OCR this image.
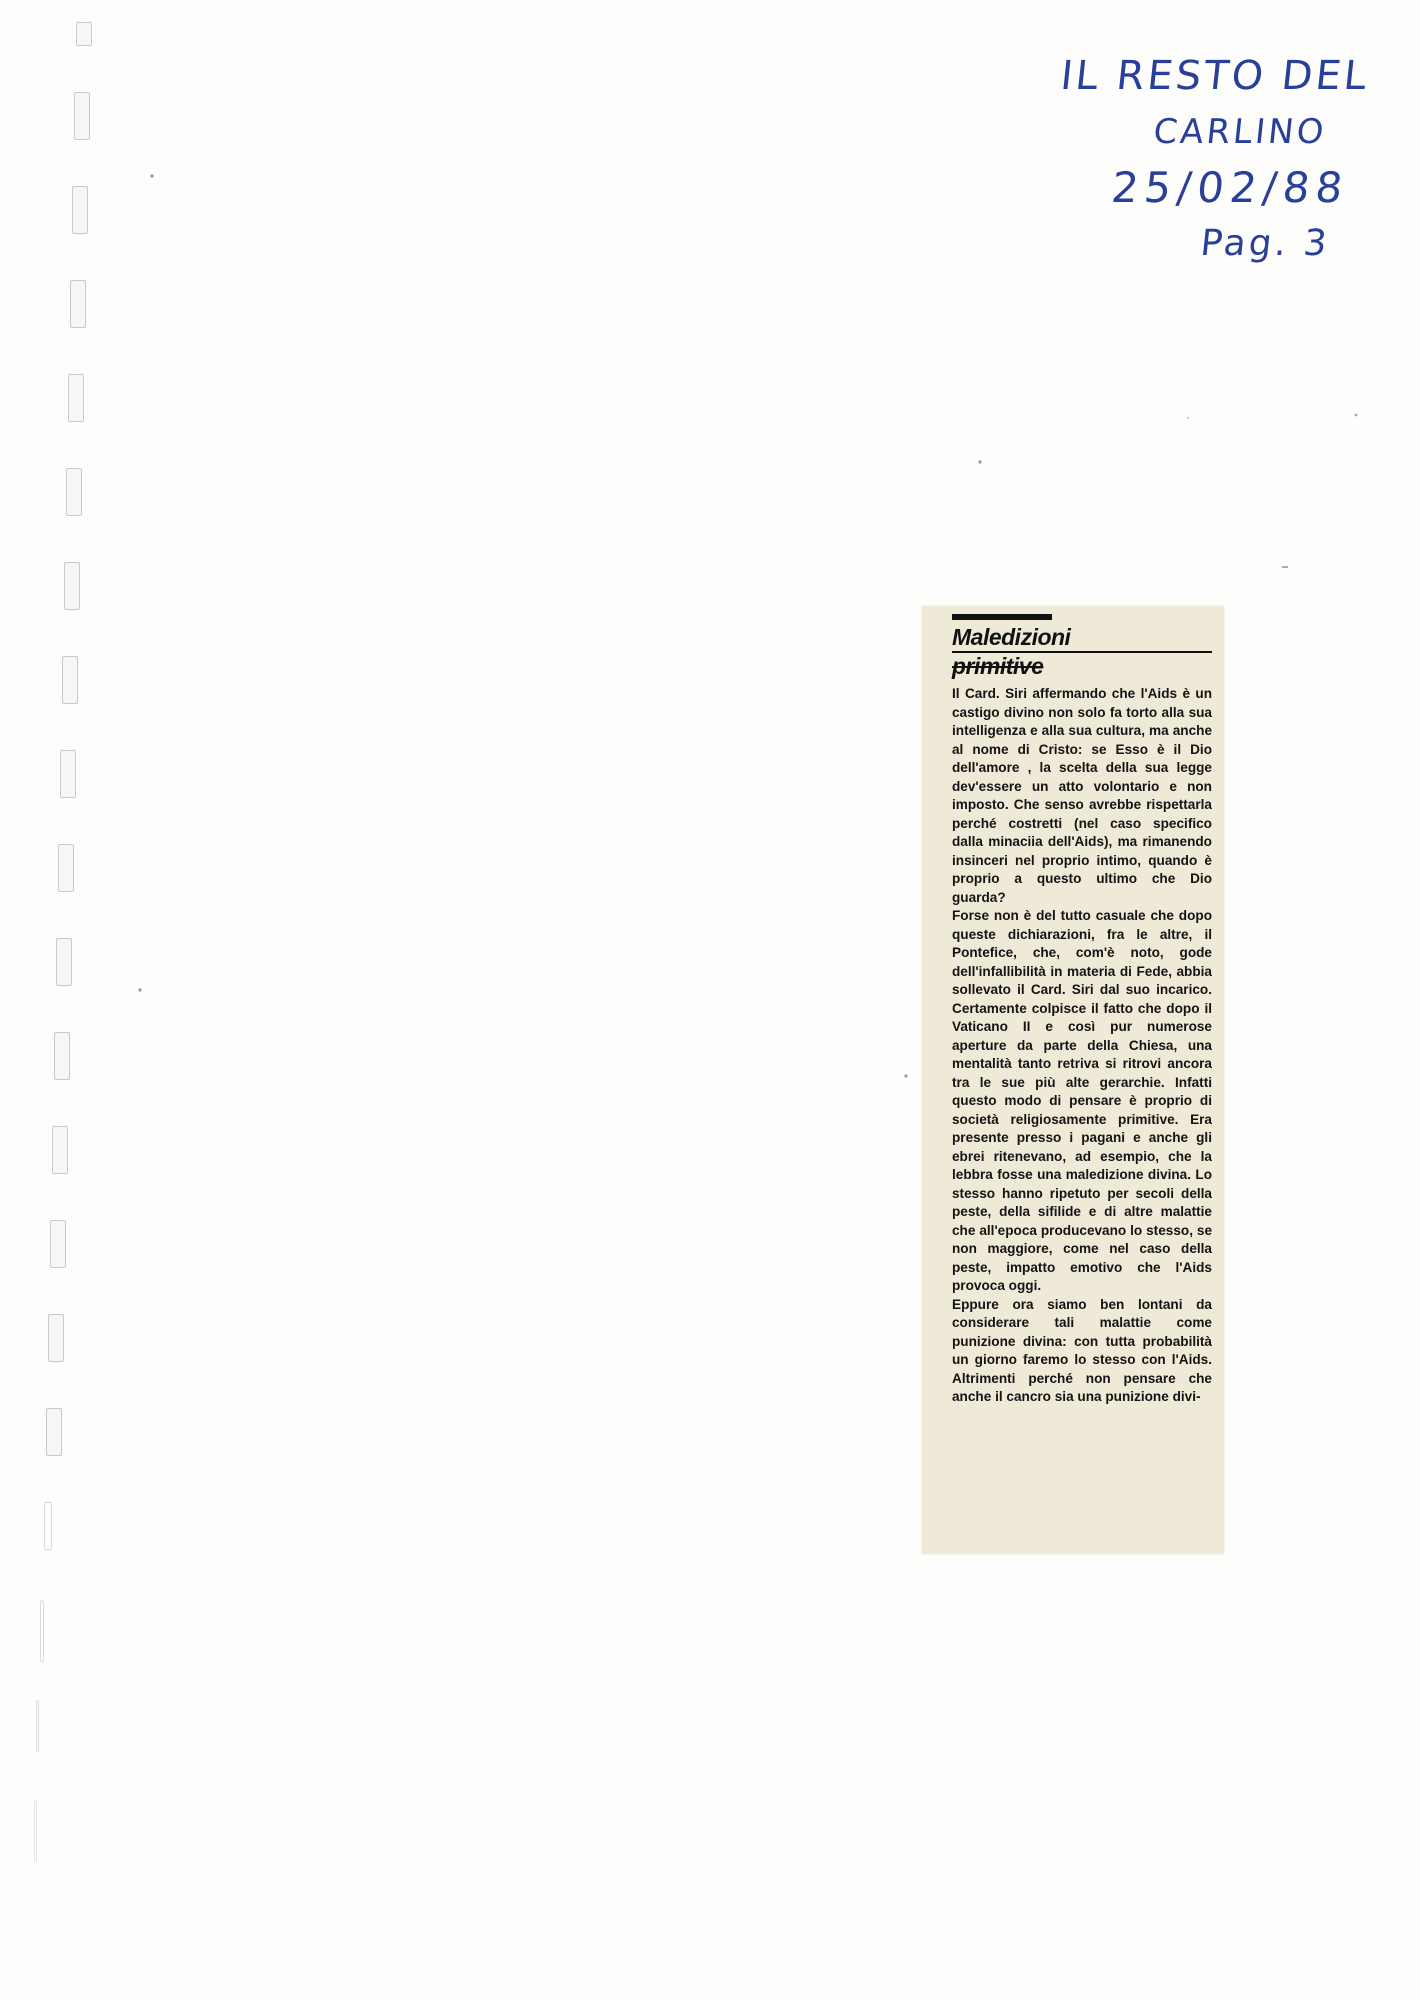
IL RESTO DEL
CARLINO
25/02/88
Pag. 3
Maledizioni
primitive

Il Card. Siri affermando che l'Aids è un castigo divino non solo fa torto alla sua intelligenza e alla sua cultura, ma anche al nome di Cristo: se Esso è il Dio dell'amore , la scelta della sua legge dev'essere un atto volontario e non imposto. Che senso avrebbe rispettarla perché costretti (nel caso specifico dalla minaciia dell'Aids), ma rimanendo insinceri nel proprio intimo, quando è proprio a questo ultimo che Dio guarda?

Forse non è del tutto casuale che dopo queste dichiarazioni, fra le altre, il Pontefice, che, com'è noto, gode dell'infallibilità in materia di Fede, abbia sollevato il Card. Siri dal suo incarico. Certamente colpisce il fatto che dopo il Vaticano II e così pur numerose aperture da parte della Chiesa, una mentalità tanto retriva si ritrovi ancora tra le sue più alte gerarchie. Infatti questo modo di pensare è proprio di società religiosamente primitive. Era presente presso i pagani e anche gli ebrei ritenevano, ad esempio, che la lebbra fosse una maledizione divina. Lo stesso hanno ripetuto per secoli della peste, della sifilide e di altre malattie che all'epoca producevano lo stesso, se non maggiore, come nel caso della peste, impatto emotivo che l'Aids provoca oggi.

Eppure ora siamo ben lontani da considerare tali malattie come punizione divina: con tutta probabilità un giorno faremo lo stesso con l'Aids. Altrimenti perché non pensare che anche il cancro sia una punizione divi-
